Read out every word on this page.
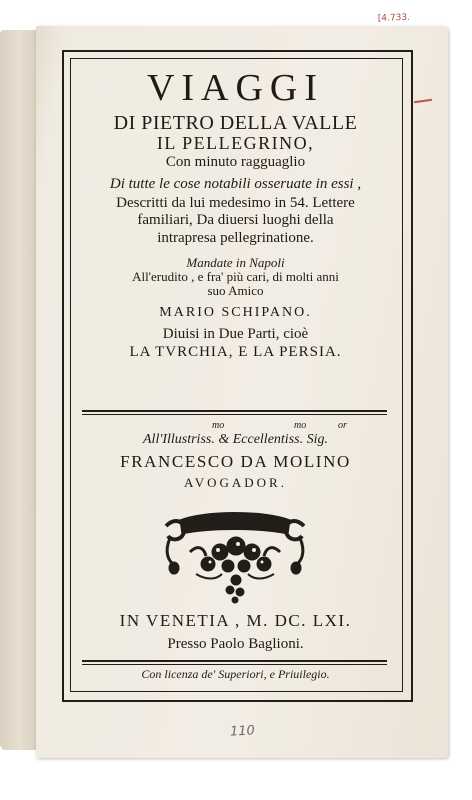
[4.733.
VIAGGI
DI PIETRO DELLA VALLE
IL PELLEGRINO,
Con minuto ragguaglio
Di tutte le cose notabili osseruate in essi ,
Descritti da lui medesimo in 54. Lettere
familiari, Da diuersi luoghi della
intrapresa pellegrinatione.
Mandate in Napoli
All'erudito , e fra' più cari, di molti anni
suo Amico
MARIO SCHIPANO.
Diuisi in Due Parti, cioè
LA TVRCHIA, E LA PERSIA.
mo	mo	or
All'Illustriss. & Eccellentiss. Sig.
FRANCESCO DA MOLINO
AVOGADOR.
IN VENETIA , M. DC. LXI.
Presso Paolo Baglioni.
Con licenza de' Superiori, e Priuilegio.
110
